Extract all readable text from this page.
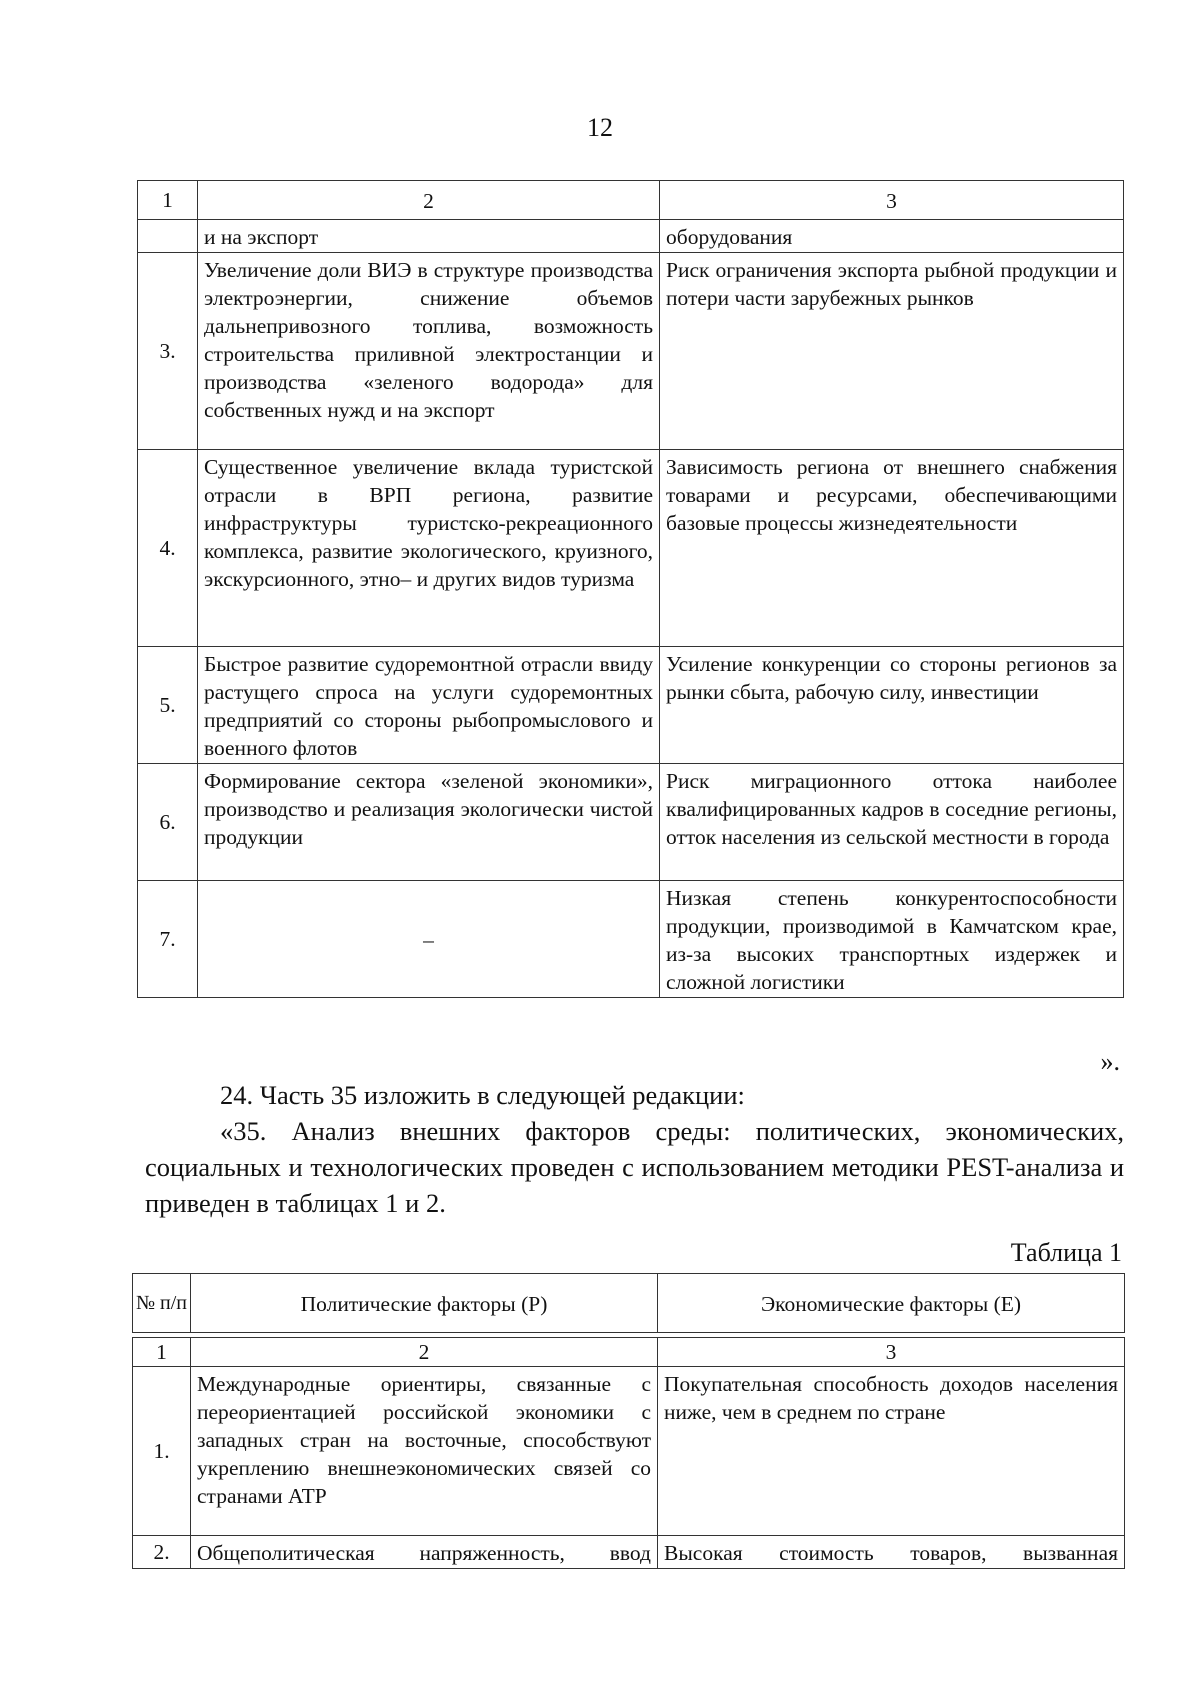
12
1	2	3
	и на экспорт	оборудования
3.	Увеличение доли ВИЭ в структуре производства электроэнергии, снижение объемов дальнепривозного топлива, возможность строительства приливной электростанции и производства «зеленого водорода» для собственных нужд и на экспорт	Риск ограничения экспорта рыбной продукции и потери части зарубежных рынков
4.	Существенное увеличение вклада туристской отрасли в ВРП региона, развитие инфраструктуры туристско-рекреационного комплекса, развитие экологического, круизного, экскурсионного, этно– и других видов туризма	Зависимость региона от внешнего снабжения товарами и ресурсами, обеспечивающими базовые процессы жизнедеятельности
5.	Быстрое развитие судоремонтной отрасли ввиду растущего спроса на услуги судоремонтных предприятий со стороны рыбопромыслового и военного флотов	Усиление конкуренции со стороны регионов за рынки сбыта, рабочую силу, инвестиции
6.	Формирование сектора «зеленой экономики», производство и реализация экологически чистой продукции	Риск миграционного оттока наиболее квалифицированных кадров в соседние регионы, отток населения из сельской местности в города
7.	–	Низкая степень конкурентоспособности продукции, производимой в Камчатском крае, из-за высоких транспортных издержек и сложной логистики
».

24. Часть 35 изложить в следующей редакции:

«35. Анализ внешних факторов среды: политических, экономических, социальных и технологических проведен с использованием методики PEST-анализа и приведен в таблицах 1 и 2.

Таблица 1
№ п/п	Политические факторы (Р)	Экономические факторы (Е)

1	2	3
1.	Международные ориентиры, связанные с переориентацией российской экономики с западных стран на восточные, способствуют укреплению внешнеэкономических связей со странами АТР	Покупательная способность доходов населения ниже, чем в среднем по стране
2.	Общеполитическая напряженность, ввод	Высокая стоимость товаров, вызванная
